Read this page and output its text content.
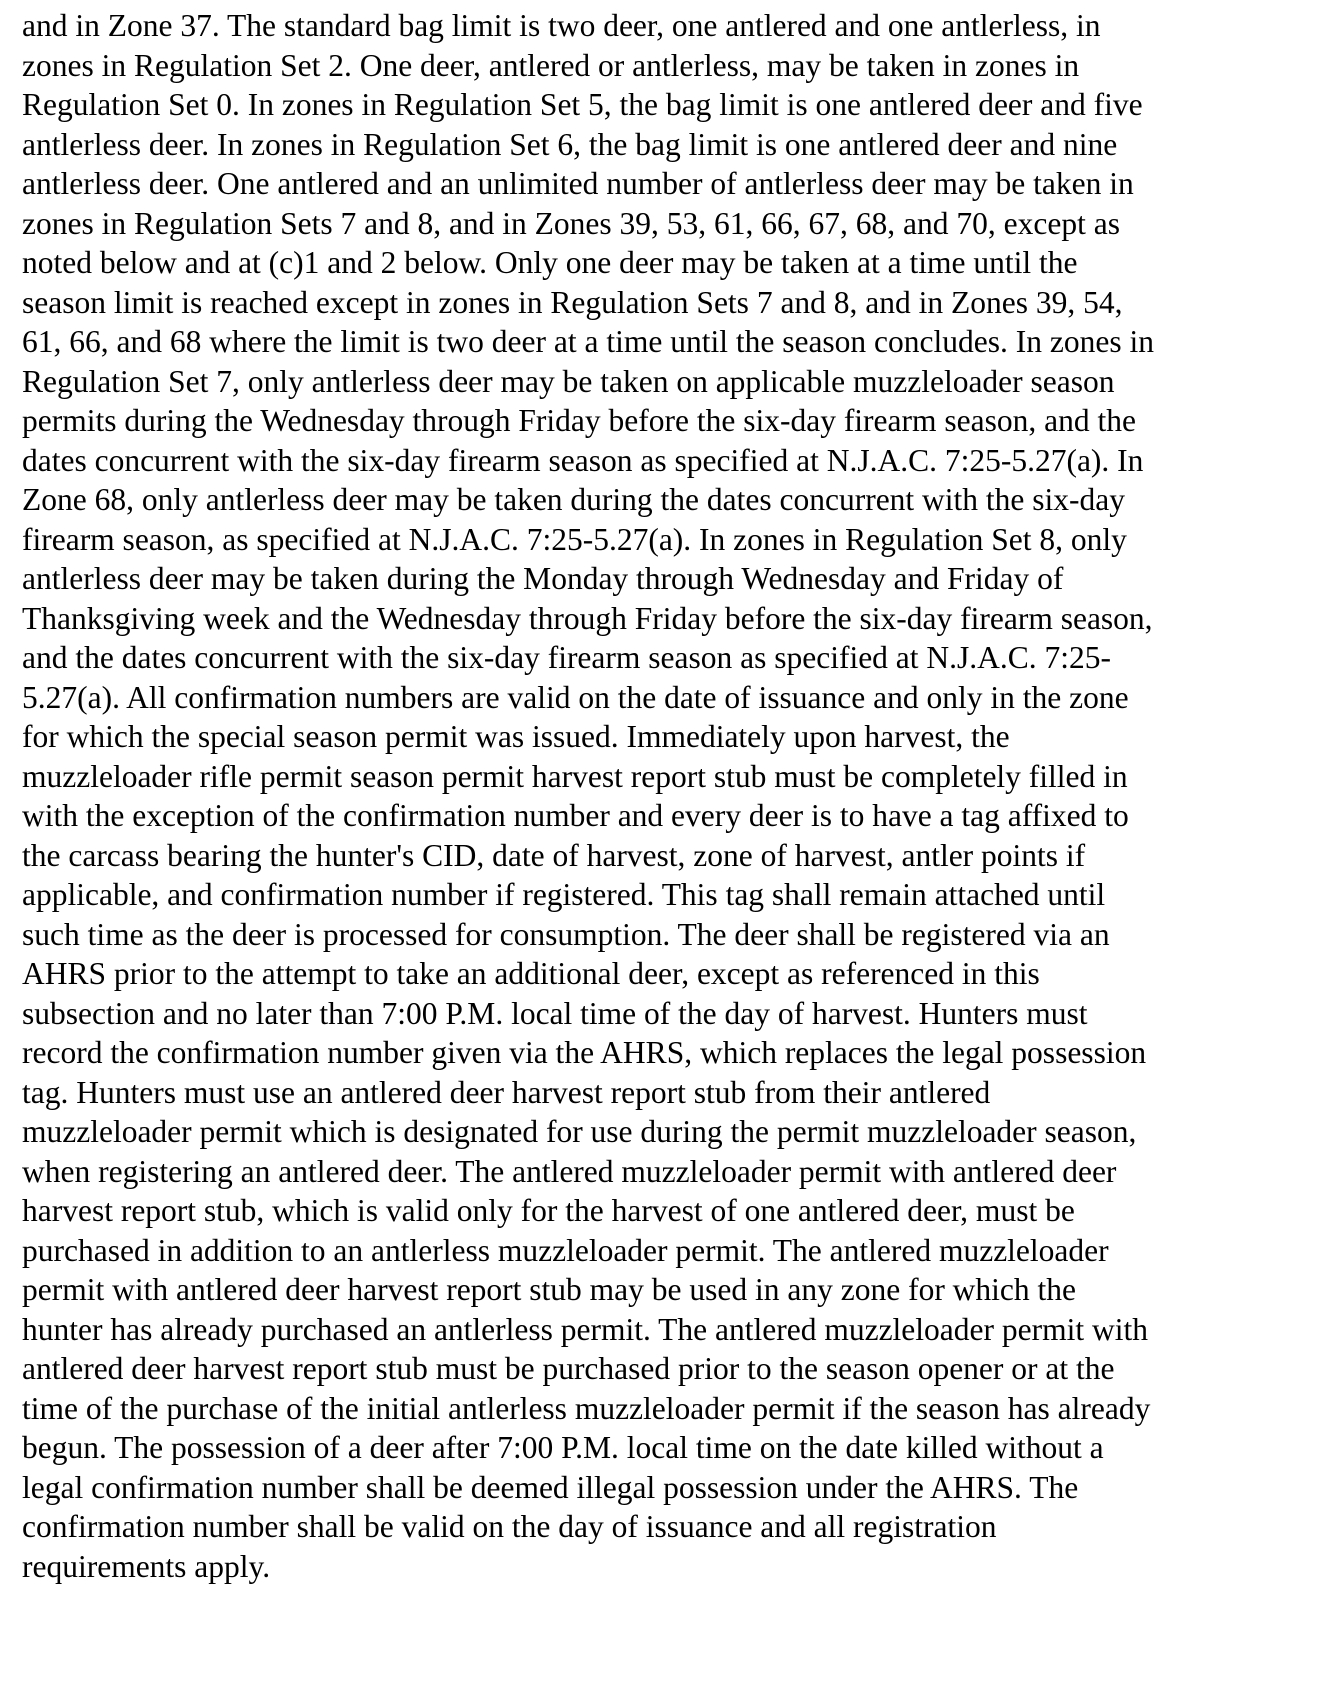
and in Zone 37. The standard bag limit is two deer, one antlered and one antlerless, in
zones in Regulation Set 2. One deer, antlered or antlerless, may be taken in zones in
Regulation Set 0. In zones in Regulation Set 5, the bag limit is one antlered deer and five
antlerless deer. In zones in Regulation Set 6, the bag limit is one antlered deer and nine
antlerless deer. One antlered and an unlimited number of antlerless deer may be taken in
zones in Regulation Sets 7 and 8, and in Zones 39, 53, 61, 66, 67, 68, and 70, except as
noted below and at (c)1 and 2 below. Only one deer may be taken at a time until the
season limit is reached except in zones in Regulation Sets 7 and 8, and in Zones 39, 54,
61, 66, and 68 where the limit is two deer at a time until the season concludes. In zones in
Regulation Set 7, only antlerless deer may be taken on applicable muzzleloader season
permits during the Wednesday through Friday before the six-day firearm season, and the
dates concurrent with the six-day firearm season as specified at N.J.A.C. 7:25-5.27(a). In
Zone 68, only antlerless deer may be taken during the dates concurrent with the six-day
firearm season, as specified at N.J.A.C. 7:25-5.27(a). In zones in Regulation Set 8, only
antlerless deer may be taken during the Monday through Wednesday and Friday of
Thanksgiving week and the Wednesday through Friday before the six-day firearm season,
and the dates concurrent with the six-day firearm season as specified at N.J.A.C. 7:25-
5.27(a). All confirmation numbers are valid on the date of issuance and only in the zone
for which the special season permit was issued. Immediately upon harvest, the
muzzleloader rifle permit season permit harvest report stub must be completely filled in
with the exception of the confirmation number and every deer is to have a tag affixed to
the carcass bearing the hunter's CID, date of harvest, zone of harvest, antler points if
applicable, and confirmation number if registered. This tag shall remain attached until
such time as the deer is processed for consumption. The deer shall be registered via an
AHRS prior to the attempt to take an additional deer, except as referenced in this
subsection and no later than 7:00 P.M. local time of the day of harvest. Hunters must
record the confirmation number given via the AHRS, which replaces the legal possession
tag. Hunters must use an antlered deer harvest report stub from their antlered
muzzleloader permit which is designated for use during the permit muzzleloader season,
when registering an antlered deer. The antlered muzzleloader permit with antlered deer
harvest report stub, which is valid only for the harvest of one antlered deer, must be
purchased in addition to an antlerless muzzleloader permit. The antlered muzzleloader
permit with antlered deer harvest report stub may be used in any zone for which the
hunter has already purchased an antlerless permit. The antlered muzzleloader permit with
antlered deer harvest report stub must be purchased prior to the season opener or at the
time of the purchase of the initial antlerless muzzleloader permit if the season has already
begun. The possession of a deer after 7:00 P.M. local time on the date killed without a
legal confirmation number shall be deemed illegal possession under the AHRS. The
confirmation number shall be valid on the day of issuance and all registration
requirements apply.
